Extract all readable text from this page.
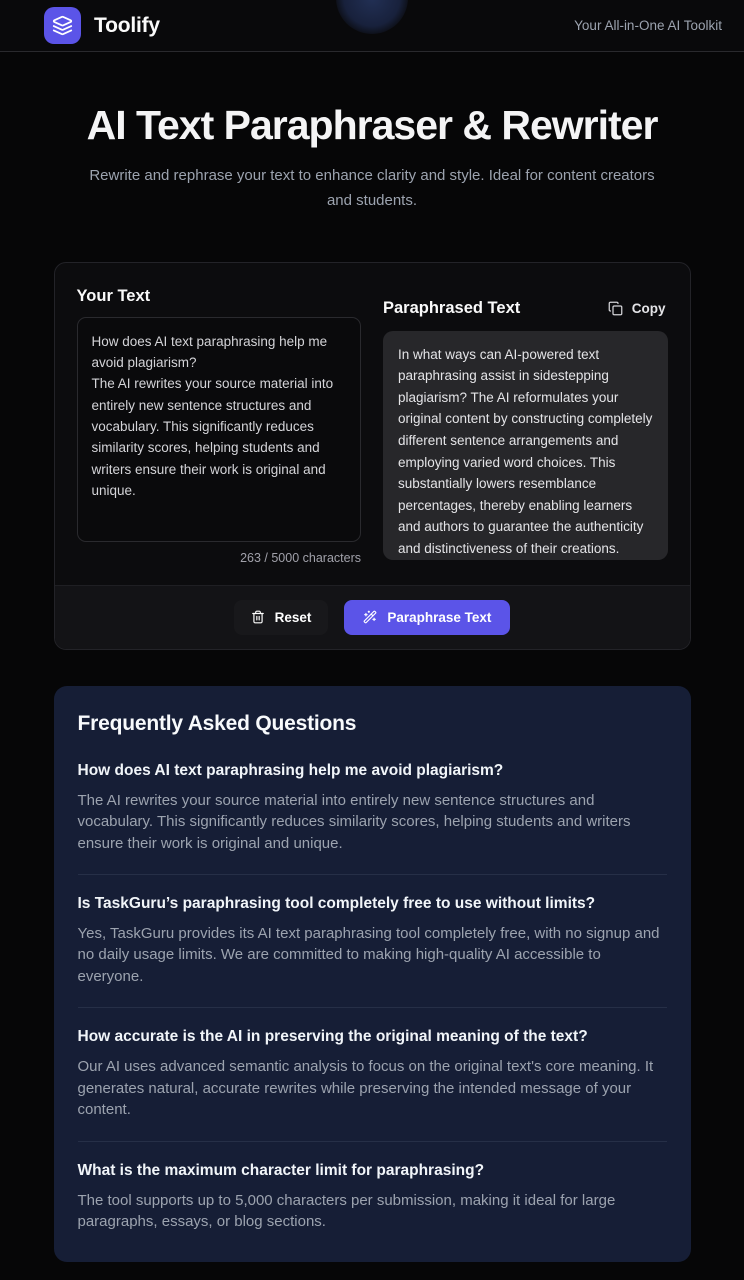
Toolify	Your All-in-One AI Toolkit
AI Text Paraphraser & Rewriter

Rewrite and rephrase your text to enhance clarity and style. Ideal for content creators and students.

Your Text
How does AI text paraphrasing help me avoid plagiarism? The AI rewrites your source material into entirely new sentence structures and vocabulary. This significantly reduces similarity scores, helping students and writers ensure their work is original and unique.
263 / 5000 characters
Paraphrased Text	Copy
In what ways can AI-powered text paraphrasing assist in sidestepping plagiarism? The AI reformulates your original content by constructing completely different sentence arrangements and employing varied word choices. This substantially lowers resemblance percentages, thereby enabling learners and authors to guarantee the authenticity and distinctiveness of their creations.
Reset	Paraphrase Text
Frequently Asked Questions
How does AI text paraphrasing help me avoid plagiarism?
The AI rewrites your source material into entirely new sentence structures and vocabulary. This significantly reduces similarity scores, helping students and writers ensure their work is original and unique.
Is TaskGuru’s paraphrasing tool completely free to use without limits?
Yes, TaskGuru provides its AI text paraphrasing tool completely free, with no signup and no daily usage limits. We are committed to making high-quality AI accessible to everyone.
How accurate is the AI in preserving the original meaning of the text?
Our AI uses advanced semantic analysis to focus on the original text's core meaning. It generates natural, accurate rewrites while preserving the intended message of your content.
What is the maximum character limit for paraphrasing?
The tool supports up to 5,000 characters per submission, making it ideal for large paragraphs, essays, or blog sections.
